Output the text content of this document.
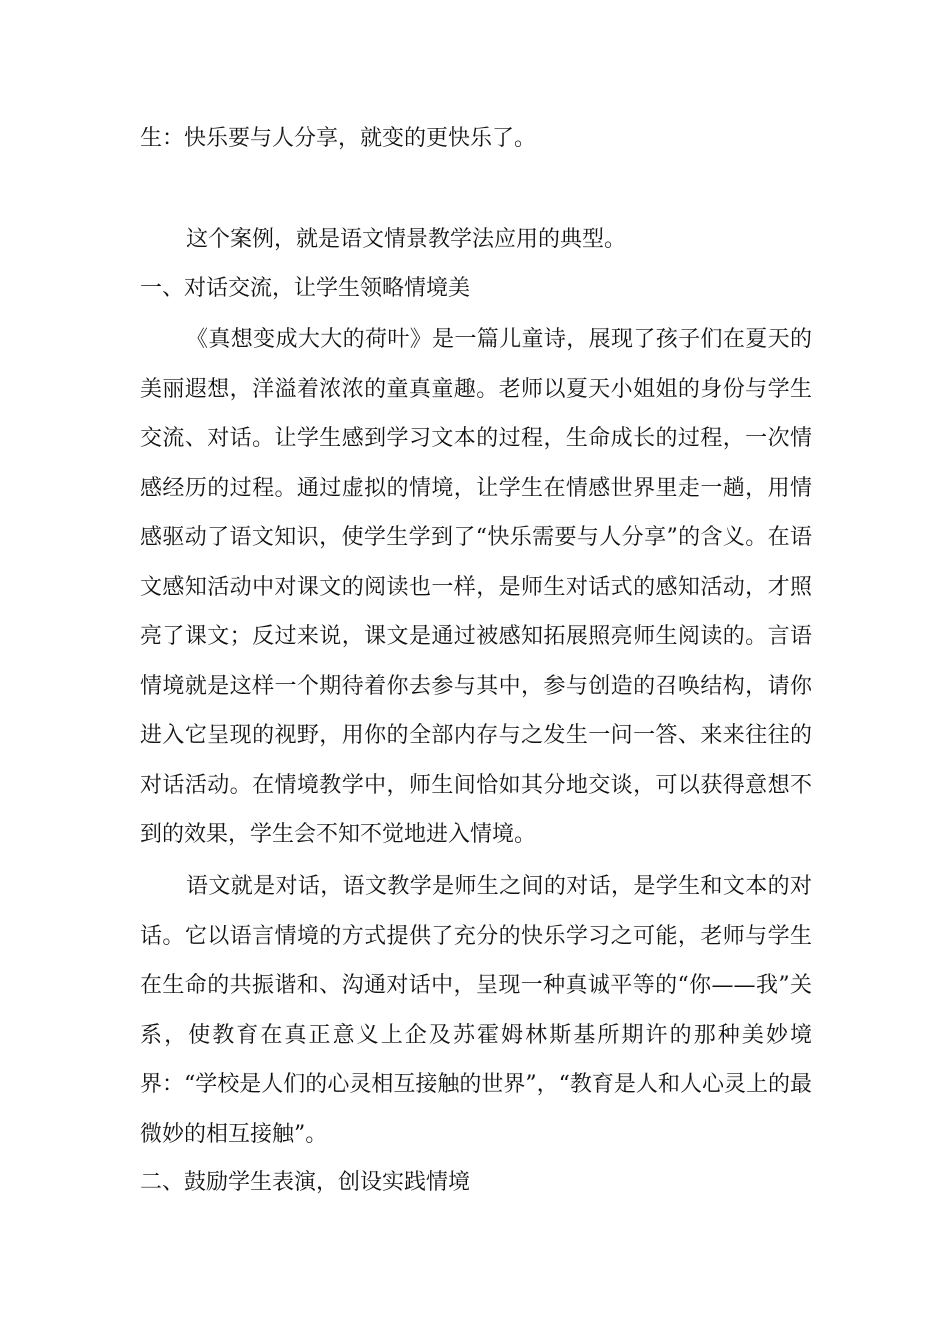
生：快乐要与人分享，就变的更快乐了。
这个案例，就是语文情景教学法应用的典型。
一、对话交流，让学生领略情境美

《真想变成大大的荷叶》是一篇儿童诗，展现了孩子们在夏天的美丽遐想，洋溢着浓浓的童真童趣。老师以夏天小姐姐的身份与学生交流、对话。让学生感到学习文本的过程，生命成长的过程，一次情感经历的过程。通过虚拟的情境，让学生在情感世界里走一趟，用情感驱动了语文知识，使学生学到了“快乐需要与人分享”的含义。在语文感知活动中对课文的阅读也一样，是师生对话式的感知活动，才照亮了课文；反过来说，课文是通过被感知拓展照亮师生阅读的。言语情境就是这样一个期待着你去参与其中，参与创造的召唤结构，请你进入它呈现的视野，用你的全部内存与之发生一问一答、来来往往的对话活动。在情境教学中，师生间恰如其分地交谈，可以获得意想不到的效果，学生会不知不觉地进入情境。

语文就是对话，语文教学是师生之间的对话，是学生和文本的对话。它以语言情境的方式提供了充分的快乐学习之可能，老师与学生在生命的共振谐和、沟通对话中，呈现一种真诚平等的“你——我”关系，使教育在真正意义上企及苏霍姆林斯基所期许的那种美妙境界：“学校是人们的心灵相互接触的世界”，“教育是人和人心灵上的最微妙的相互接触”。

二、鼓励学生表演，创设实践情境
